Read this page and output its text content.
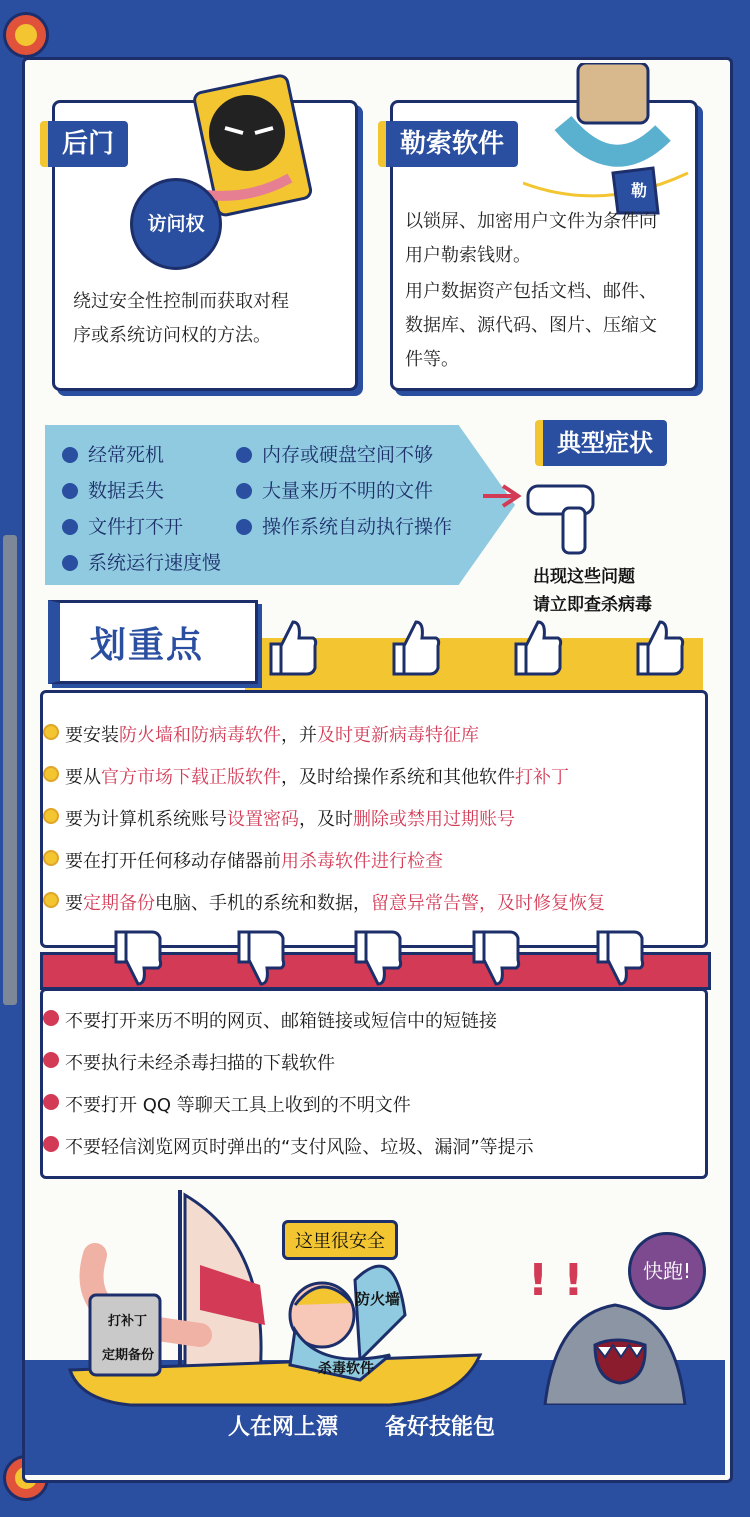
后门
访问权
绕过安全性控制而获取对程
序或系统访问权的方法。
勒索软件
勒
以锁屏、加密用户文件为条件向
用户勒索钱财。
用户数据资产包括文档、邮件、
数据库、源代码、图片、压缩文
件等。
经常死机	内存或硬盘空间不够
数据丢失	大量来历不明的文件
文件打不开	操作系统自动执行操作
系统运行速度慢
典型症状
出现这些问题
请立即查杀病毒
划重点
要安装防火墙和防病毒软件，并及时更新病毒特征库
要从官方市场下载正版软件，及时给操作系统和其他软件打补丁
要为计算机系统账号设置密码，及时删除或禁用过期账号
要在打开任何移动存储器前用杀毒软件进行检查
要定期备份电脑、手机的系统和数据，留意异常告警，及时修复恢复
不要打开来历不明的网页、邮箱链接或短信中的短链接
不要执行未经杀毒扫描的下载软件
不要打开 QQ 等聊天工具上收到的不明文件
不要轻信浏览网页时弹出的“支付风险、垃圾、漏洞”等提示
打补丁
定期备份
这里很安全
防火墙
杀毒软件
! !	快跑!
人在网上漂 备好技能包
